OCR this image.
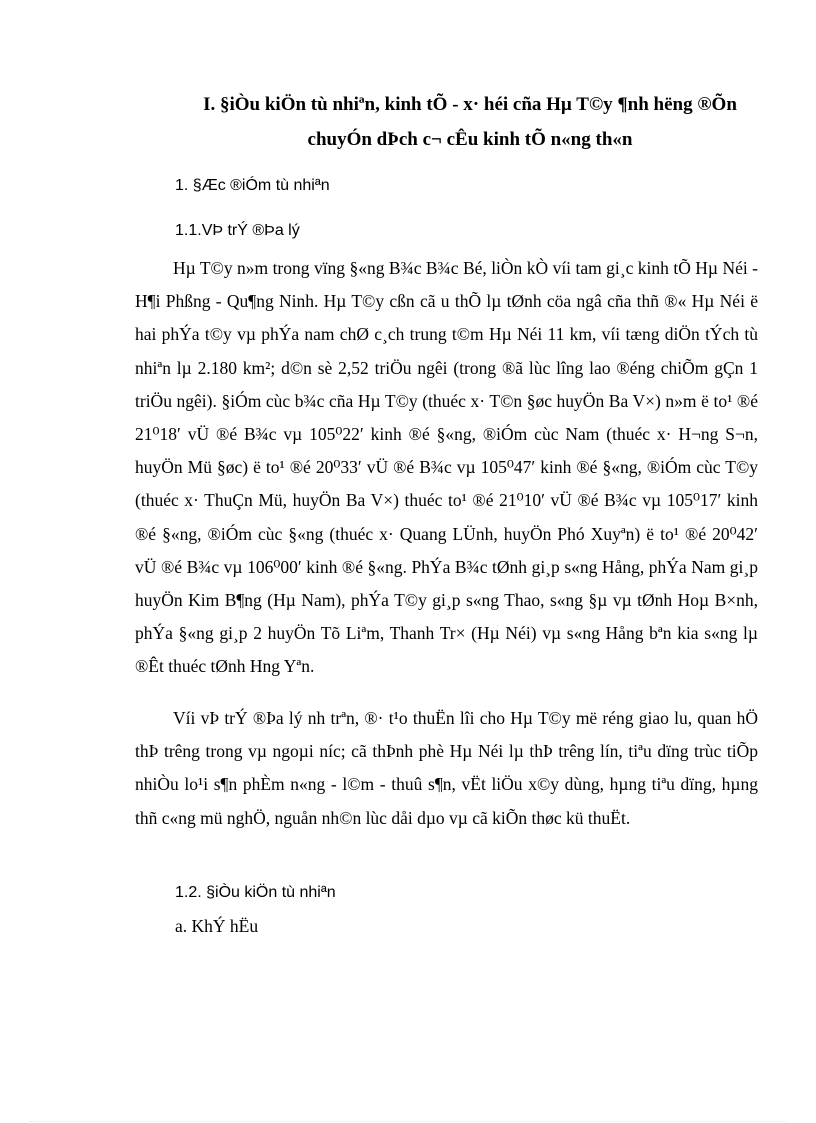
I. §iÒu kiÖn tù nhiªn, kinh tÕ - x· héi cña Hµ T©y ¶nh hëng ®Õn
chuyÓn dÞch c¬ cÊu kinh tÕ n«ng th«n
1. §Æc ®iÓm tù nhiªn
1.1.VÞ trÝ ®Þa lý
Hµ T©y n»m trong vïng §«ng B¾c B¾c Bé, liÒn kÒ víi tam gi¸c kinh tÕ Hµ Néi - H¶i Phßng - Qu¶ng Ninh. Hµ T©y cßn cã u thÕ lµ tØnh cöa ngâ cña thñ ®« Hµ Néi ë hai phÝa t©y vµ phÝa nam chØ c¸ch trung t©m Hµ Néi 11 km, víi tæng diÖn tÝch tù nhiªn lµ 2.180 km²; d©n sè 2,52 triÖu ngêi (trong ®ã lùc lîng lao ®éng chiÕm gÇn 1 triÖu ngêi). §iÓm cùc b¾c cña Hµ T©y (thuéc x· T©n §øc huyÖn Ba V×) n»m ë to¹ ®é 21⁰18′ vÜ ®é B¾c vµ 105⁰22′ kinh ®é §«ng, ®iÓm cùc Nam (thuéc x· H¬ng S¬n, huyÖn Mü §øc) ë to¹ ®é 20⁰33′ vÜ ®é B¾c vµ 105⁰47′ kinh ®é §«ng, ®iÓm cùc T©y (thuéc x· ThuÇn Mü, huyÖn Ba V×) thuéc to¹ ®é 21⁰10′ vÜ ®é B¾c vµ 105⁰17′ kinh ®é §«ng, ®iÓm cùc §«ng (thuéc x· Quang LÜnh, huyÖn Phó Xuyªn) ë to¹ ®é 20⁰42′ vÜ ®é B¾c vµ 106⁰00′ kinh ®é §«ng. PhÝa B¾c tØnh gi¸p s«ng Hång, phÝa Nam gi¸p huyÖn Kim B¶ng (Hµ Nam), phÝa T©y gi¸p s«ng Thao, s«ng §µ vµ tØnh Hoµ B×nh, phÝa §«ng gi¸p 2 huyÖn Tõ Liªm, Thanh Tr× (Hµ Néi) vµ s«ng Hång bªn kia s«ng lµ ®Êt thuéc tØnh Hng Yªn.
Víi vÞ trÝ ®Þa lý nh trªn, ®· t¹o thuËn lîi cho Hµ T©y më réng giao lu, quan hÖ thÞ trêng trong vµ ngoµi níc; cã thÞnh phè Hµ Néi lµ thÞ trêng lín, tiªu dïng trùc tiÕp nhiÒu lo¹i s¶n phÈm n«ng - l©m - thuû s¶n, vËt liÖu x©y dùng, hµng tiªu dïng, hµng thñ c«ng mü nghÖ, nguån nh©n lùc dåi dµo vµ cã kiÕn thøc kü thuËt.
1.2. §iÒu kiÖn tù nhiªn
a. KhÝ hËu
